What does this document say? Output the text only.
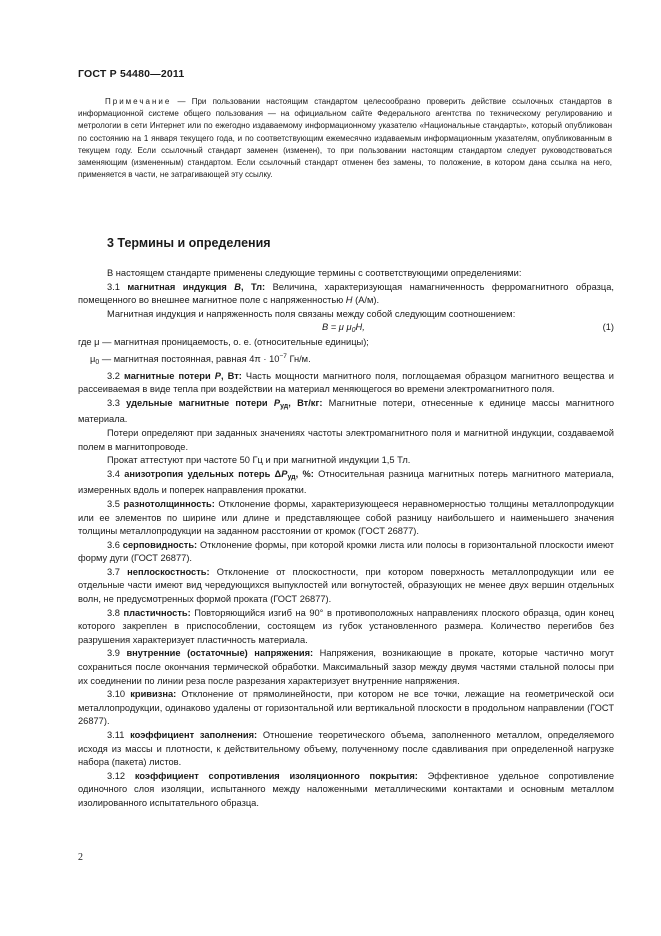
ГОСТ Р 54480—2011

Примечание — При пользовании настоящим стандартом целесообразно проверить действие ссылочных стандартов в информационной системе общего пользования — на официальном сайте Федерального агентства по техническому регулированию и метрологии в сети Интернет или по ежегодно издаваемому информационному указателю «Национальные стандарты», который опубликован по состоянию на 1 января текущего года, и по соответствующим ежемесячно издаваемым информационным указателям, опубликованным в текущем году. Если ссылочный стандарт заменен (изменен), то при пользовании настоящим стандартом следует руководствоваться заменяющим (измененным) стандартом. Если ссылочный стандарт отменен без замены, то положение, в котором дана ссылка на него, применяется в части, не затрагивающей эту ссылку.

3 Термины и определения

В настоящем стандарте применены следующие термины с соответствующими определениями:

3.1 магнитная индукция B, Тл: Величина, характеризующая намагниченность ферромагнитного образца, помещенного во внешнее магнитное поле с напряженностью H (А/м).

Магнитная индукция и напряженность поля связаны между собой следующим соотношением:

B = μ $\mu_0H$,	(1)

где μ — магнитная проницаемость, о. е. (относительные единицы);

$\mu_0$ — магнитная постоянная, равная $4\pi \cdot 10^{-7}$ Гн/м.

3.2 магнитные потери P, Вт: Часть мощности магнитного поля, поглощаемая образцом магнитного вещества и рассеиваемая в виде тепла при воздействии на материал меняющегося во времени электромагнитного поля.

3.3 удельные магнитные потери $P_{уд}$, Вт/кг: Магнитные потери, отнесенные к единице массы магнитного материала.

Потери определяют при заданных значениях частоты электромагнитного поля и магнитной индукции, создаваемой полем в магнитопроводе.

Прокат аттестуют при частоте 50 Гц и при магнитной индукции 1,5 Тл.

3.4 анизотропия удельных потерь $\Delta P_{уд}$, %: Относительная разница магнитных потерь магнитного материала, измеренных вдоль и поперек направления прокатки.

3.5 разнотолщинность: Отклонение формы, характеризующееся неравномерностью толщины металлопродукции или ее элементов по ширине или длине и представляющее собой разницу наибольшего и наименьшего значения толщины металлопродукции на заданном расстоянии от кромок (ГОСТ 26877).

3.6 серповидность: Отклонение формы, при которой кромки листа или полосы в горизонтальной плоскости имеют форму дуги (ГОСТ 26877).

3.7 неплоскостность: Отклонение от плоскостности, при котором поверхность металлопродукции или ее отдельные части имеют вид чередующихся выпуклостей или вогнутостей, образующих не менее двух вершин отдельных волн, не предусмотренных формой проката (ГОСТ 26877).

3.8 пластичность: Повторяющийся изгиб на 90° в противоположных направлениях плоского образца, один конец которого закреплен в приспособлении, состоящем из губок установленного размера. Количество перегибов без разрушения характеризует пластичность материала.

3.9 внутренние (остаточные) напряжения: Напряжения, возникающие в прокате, которые частично могут сохраниться после окончания термической обработки. Максимальный зазор между двумя частями стальной полосы при их соединении по линии реза после разрезания характеризует внутренние напряжения.

3.10 кривизна: Отклонение от прямолинейности, при котором не все точки, лежащие на геометрической оси металлопродукции, одинаково удалены от горизонтальной или вертикальной плоскости в продольном направлении (ГОСТ 26877).

3.11 коэффициент заполнения: Отношение теоретического объема, заполненного металлом, определяемого исходя из массы и плотности, к действительному объему, полученному после сдавливания при определенной нагрузке набора (пакета) листов.

3.12 коэффициент сопротивления изоляционного покрытия: Эффективное удельное сопротивление одиночного слоя изоляции, испытанного между наложенными металлическими контактами и основным металлом изолированного испытательного образца.

2
